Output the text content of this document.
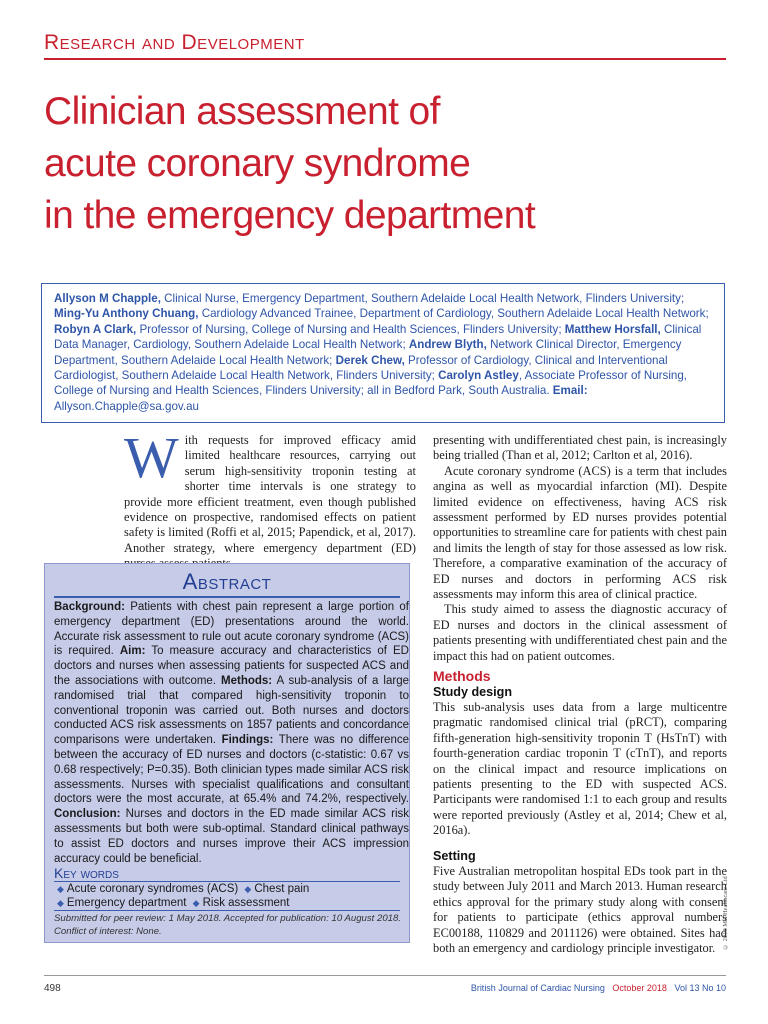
Research and Development
Clinician assessment of
acute coronary syndrome
in the emergency department
Allyson M Chapple, Clinical Nurse, Emergency Department, Southern Adelaide Local Health Network, Flinders University; Ming-Yu Anthony Chuang, Cardiology Advanced Trainee, Department of Cardiology, Southern Adelaide Local Health Network; Robyn A Clark, Professor of Nursing, College of Nursing and Health Sciences, Flinders University; Matthew Horsfall, Clinical Data Manager, Cardiology, Southern Adelaide Local Health Network; Andrew Blyth, Network Clinical Director, Emergency Department, Southern Adelaide Local Health Network; Derek Chew, Professor of Cardiology, Clinical and Interventional Cardiologist, Southern Adelaide Local Health Network, Flinders University; Carolyn Astley, Associate Professor of Nursing, College of Nursing and Health Sciences, Flinders University; all in Bedford Park, South Australia. Email: Allyson.Chapple@sa.gov.au
With requests for improved efficacy amid limited healthcare resources, carrying out serum high-sensitivity troponin testing at shorter time intervals is one strategy to provide more efficient treatment, even though published evidence on prospective, randomised effects on patient safety is limited (Roffi et al, 2015; Papendick, et al, 2017). Another strategy, where emergency department (ED)
Abstract
Background: Patients with chest pain represent a large portion of emergency department (ED) presentations around the world. Accurate risk assessment to rule out acute coronary syndrome (ACS) is required. Aim: To measure accuracy and characteristics of ED doctors and nurses when assessing patients for suspected ACS and the associations with outcome. Methods: A sub-analysis of a large randomised trial that compared high-sensitivity troponin to conventional troponin was carried out. Both nurses and doctors conducted ACS risk assessments on 1857 patients and concordance comparisons were undertaken. Findings: There was no difference between the accuracy of ED nurses and doctors (c-statistic: 0.67 vs 0.68 respectively; P=0.35). Both clinician types made similar ACS risk assessments. Nurses with specialist qualifications and consultant doctors were the most accurate, at 65.4% and 74.2%, respectively. Conclusion: Nurses and doctors in the ED made similar ACS risk assessments but both were sub-optimal. Standard clinical pathways to assist ED doctors and nurses improve their ACS impression accuracy could be beneficial.
Key words
◆ Acute coronary syndromes (ACS) ◆ Chest pain
◆ Emergency department ◆ Risk assessment
Submitted for peer review: 1 May 2018. Accepted for publication: 10 August 2018.
Conflict of interest: None.

presenting with undifferentiated chest pain, is increasingly being trialled (Than et al, 2012; Carlton et al, 2016).

Acute coronary syndrome (ACS) is a term that includes angina as well as myocardial infarction (MI). Despite limited evidence on effectiveness, having ACS risk assessment performed by ED nurses provides potential opportunities to streamline care for patients with chest pain and limits the length of stay for those assessed as low risk. Therefore, a comparative examination of the accuracy of ED nurses and doctors in performing ACS risk assessments may inform this area of clinical practice.

This study aimed to assess the diagnostic accuracy of ED nurses and doctors in the clinical assessment of patients presenting with undifferentiated chest pain and the impact this had on patient outcomes.

Methods
Study design

This sub-analysis uses data from a large multicentre pragmatic randomised clinical trial (pRCT), comparing fifth-generation high-sensitivity troponin T (HsTnT) with fourth-generation cardiac troponin T (cTnT), and reports on the clinical impact and resource implications on patients presenting to the ED with suspected ACS. Participants were randomised 1:1 to each group and results were reported previously (Astley et al, 2014; Chew et al, 2016a).

Setting

Five Australian metropolitan hospital EDs took part in the study between July 2011 and March 2013. Human research ethics approval for the primary study along with consent for patients to participate (ethics approval numbers EC00188, 110829 and 2011126) were obtained. Sites had both an emergency and cardiology principle investigator.	© 2018 MA Healthcare Ltd
498	British Journal of Cardiac Nursing October 2018 Vol 13 No 10
